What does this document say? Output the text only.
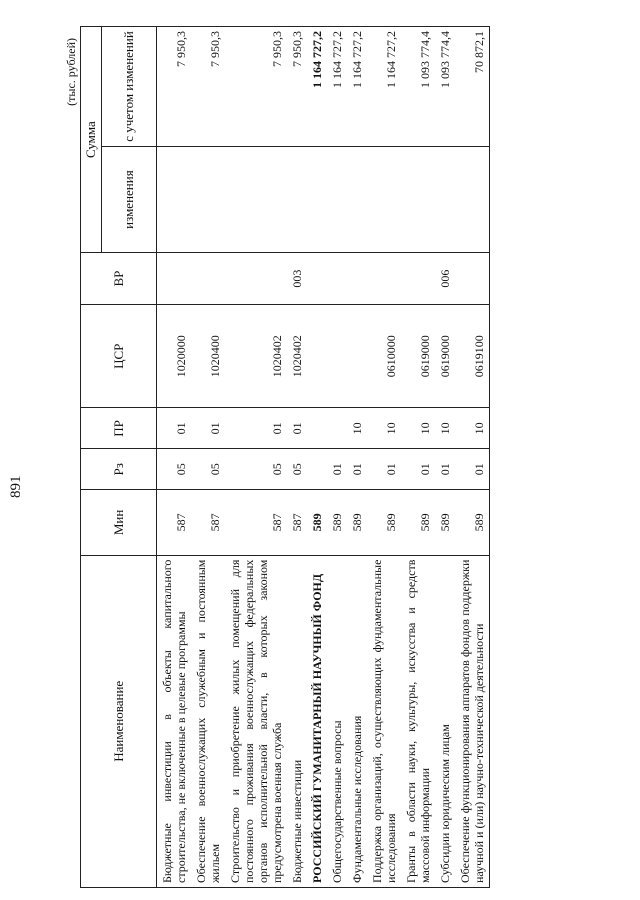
891
(тыс. рублей)
Наименование	Мин	Рз	ПР	ЦСР	ВР	Сумма	
						изменения	с учетом изменений
Бюджетные инвестиции в объекты капитального строительства, не включенные в целевые программы	587	05	01	1020000			7 950,3
Обеспечение военнослужащих служебным и постоянным жильем	587	05	01	1020400			7 950,3
Строительство и приобретение жилых помещений для постоянного проживания военнослужащих федеральных органов исполнительной власти, в которых законом предусмотрена военная служба	587	05	01	1020402			7 950,3
Бюджетные инвестиции	587	05	01	1020402	003		7 950,3
РОССИЙСКИЙ ГУМАНИТАРНЫЙ НАУЧНЫЙ ФОНД	589						1 164 727,2
Общегосударственные вопросы	589	01					1 164 727,2
Фундаментальные исследования	589	01	10				1 164 727,2
Поддержка организаций, осуществляющих фундаментальные исследования	589	01	10	0610000			1 164 727,2
Гранты в области науки, культуры, искусства и средств массовой информации	589	01	10	0619000			1 093 774,4
Субсидии юридическим лицам	589	01	10	0619000	006		1 093 774,4
Обеспечение функционирования аппаратов фондов поддержки научной и (или) научно-технической деятельности	589	01	10	0619100			70 872,1
